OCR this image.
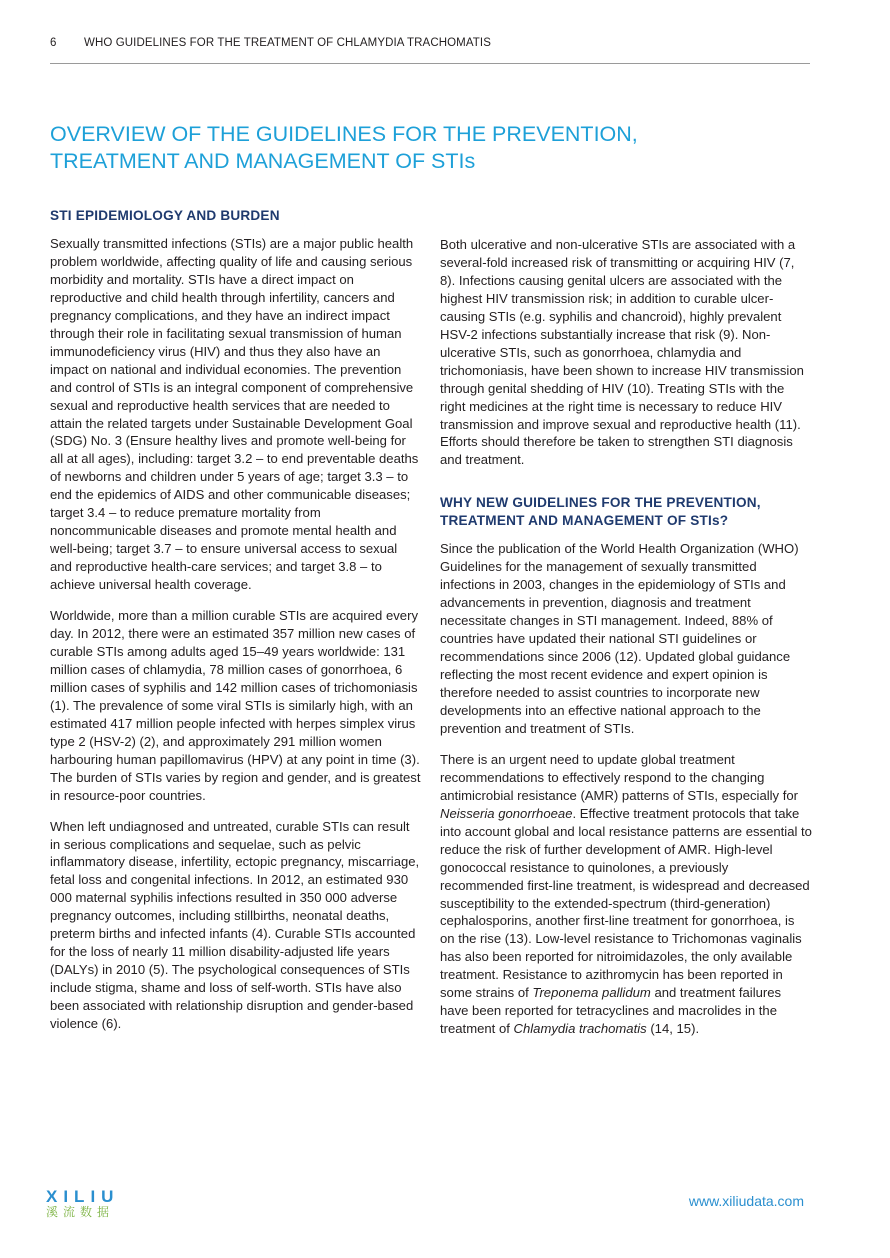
6 WHO GUIDELINES FOR THE TREATMENT OF CHLAMYDIA TRACHOMATIS
OVERVIEW OF THE GUIDELINES FOR THE PREVENTION,
TREATMENT AND MANAGEMENT OF STIs
STI EPIDEMIOLOGY AND BURDEN

Sexually transmitted infections (STIs) are a major public health problem worldwide, affecting quality of life and causing serious morbidity and mortality. STIs have a direct impact on reproductive and child health through infertility, cancers and pregnancy complications, and they have an indirect impact through their role in facilitating sexual transmission of human immunodeficiency virus (HIV) and thus they also have an impact on national and individual economies. The prevention and control of STIs is an integral component of comprehensive sexual and reproductive health services that are needed to attain the related targets under Sustainable Development Goal (SDG) No. 3 (Ensure healthy lives and promote well-being for all at all ages), including: target 3.2 – to end preventable deaths of newborns and children under 5 years of age; target 3.3 – to end the epidemics of AIDS and other communicable diseases; target 3.4 – to reduce premature mortality from noncommunicable diseases and promote mental health and well-being; target 3.7 – to ensure universal access to sexual and reproductive health-care services; and target 3.8 – to achieve universal health coverage.

Worldwide, more than a million curable STIs are acquired every day. In 2012, there were an estimated 357 million new cases of curable STIs among adults aged 15–49 years worldwide: 131 million cases of chlamydia, 78 million cases of gonorrhoea, 6 million cases of syphilis and 142 million cases of trichomoniasis (1). The prevalence of some viral STIs is similarly high, with an estimated 417 million people infected with herpes simplex virus type 2 (HSV-2) (2), and approximately 291 million women harbouring human papillomavirus (HPV) at any point in time (3). The burden of STIs varies by region and gender, and is greatest in resource-poor countries.

When left undiagnosed and untreated, curable STIs can result in serious complications and sequelae, such as pelvic inflammatory disease, infertility, ectopic pregnancy, miscarriage, fetal loss and congenital infections. In 2012, an estimated 930 000 maternal syphilis infections resulted in 350 000 adverse pregnancy outcomes, including stillbirths, neonatal deaths, preterm births and infected infants (4). Curable STIs accounted for the loss of nearly 11 million disability-adjusted life years (DALYs) in 2010 (5). The psychological consequences of STIs include stigma, shame and loss of self-worth. STIs have also been associated with relationship disruption and gender-based violence (6).

Both ulcerative and non-ulcerative STIs are associated with a several-fold increased risk of transmitting or acquiring HIV (7, 8). Infections causing genital ulcers are associated with the highest HIV transmission risk; in addition to curable ulcer-causing STIs (e.g. syphilis and chancroid), highly prevalent HSV-2 infections substantially increase that risk (9). Non-ulcerative STIs, such as gonorrhoea, chlamydia and trichomoniasis, have been shown to increase HIV transmission through genital shedding of HIV (10). Treating STIs with the right medicines at the right time is necessary to reduce HIV transmission and improve sexual and reproductive health (11). Efforts should therefore be taken to strengthen STI diagnosis and treatment.

WHY NEW GUIDELINES FOR THE PREVENTION,
TREATMENT AND MANAGEMENT OF STIs?

Since the publication of the World Health Organization (WHO) Guidelines for the management of sexually transmitted infections in 2003, changes in the epidemiology of STIs and advancements in prevention, diagnosis and treatment necessitate changes in STI management. Indeed, 88% of countries have updated their national STI guidelines or recommendations since 2006 (12). Updated global guidance reflecting the most recent evidence and expert opinion is therefore needed to assist countries to incorporate new developments into an effective national approach to the prevention and treatment of STIs.

There is an urgent need to update global treatment recommendations to effectively respond to the changing antimicrobial resistance (AMR) patterns of STIs, especially for Neisseria gonorrhoeae. Effective treatment protocols that take into account global and local resistance patterns are essential to reduce the risk of further development of AMR. High-level gonococcal resistance to quinolones, a previously recommended first-line treatment, is widespread and decreased susceptibility to the extended-spectrum (third-generation) cephalosporins, another first-line treatment for gonorrhoea, is on the rise (13). Low-level resistance to Trichomonas vaginalis has also been reported for nitroimidazoles, the only available treatment. Resistance to azithromycin has been reported in some strains of Treponema pallidum and treatment failures have been reported for tetracyclines and macrolides in the treatment of Chlamydia trachomatis (14, 15).

XILIU
溪流数据
www.xiliudata.com
